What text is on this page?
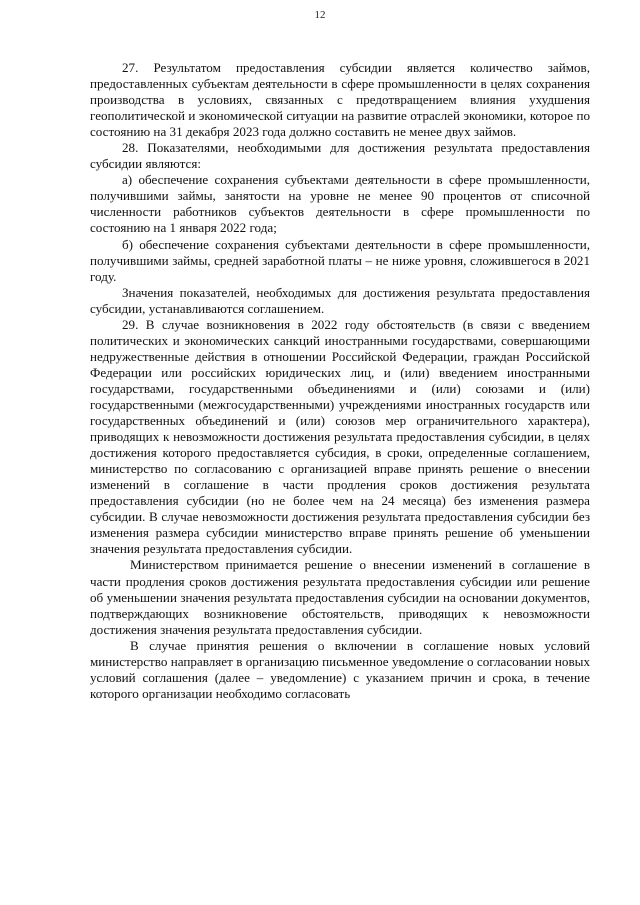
12

27. Результатом предоставления субсидии является количество займов, предоставленных субъектам деятельности в сфере промышленности в целях сохранения производства в условиях, связанных с предотвращением влияния ухудшения геополитической и экономической ситуации на развитие отраслей экономики, которое по состоянию на 31 декабря 2023 года должно составить не менее двух займов.

28. Показателями, необходимыми для достижения результата предоставления субсидии являются:

а) обеспечение сохранения субъектами деятельности в сфере промышленности, получившими займы, занятости на уровне не менее 90 процентов от списочной численности работников субъектов деятельности в сфере промышленности по состоянию на 1 января 2022 года;

б) обеспечение сохранения субъектами деятельности в сфере промышленности, получившими займы, средней заработной платы – не ниже уровня, сложившегося в 2021 году.

Значения показателей, необходимых для достижения результата предоставления субсидии, устанавливаются соглашением.

29. В случае возникновения в 2022 году обстоятельств (в связи с введением политических и экономических санкций иностранными государствами, совершающими недружественные действия в отношении Российской Федерации, граждан Российской Федерации или российских юридических лиц, и (или) введением иностранными государствами, государственными объединениями и (или) союзами и (или) государственными (межгосударственными) учреждениями иностранных государств или государственных объединений и (или) союзов мер ограничительного характера), приводящих к невозможности достижения результата предоставления субсидии, в целях достижения которого предоставляется субсидия, в сроки, определенные соглашением, министерство по согласованию с организацией вправе принять решение о внесении изменений в соглашение в части продления сроков достижения результата предоставления субсидии (но не более чем на 24 месяца) без изменения размера субсидии. В случае невозможности достижения результата предоставления субсидии без изменения размера субсидии министерство вправе принять решение об уменьшении значения результата предоставления субсидии.

Министерством принимается решение о внесении изменений в соглашение в части продления сроков достижения результата предоставления субсидии или решение об уменьшении значения результата предоставления субсидии на основании документов, подтверждающих возникновение обстоятельств, приводящих к невозможности достижения значения результата предоставления субсидии.

В случае принятия решения о включении в соглашение новых условий министерство направляет в организацию письменное уведомление о согласовании новых условий соглашения (далее – уведомление) с указанием причин и срока, в течение которого организации необходимо согласовать
